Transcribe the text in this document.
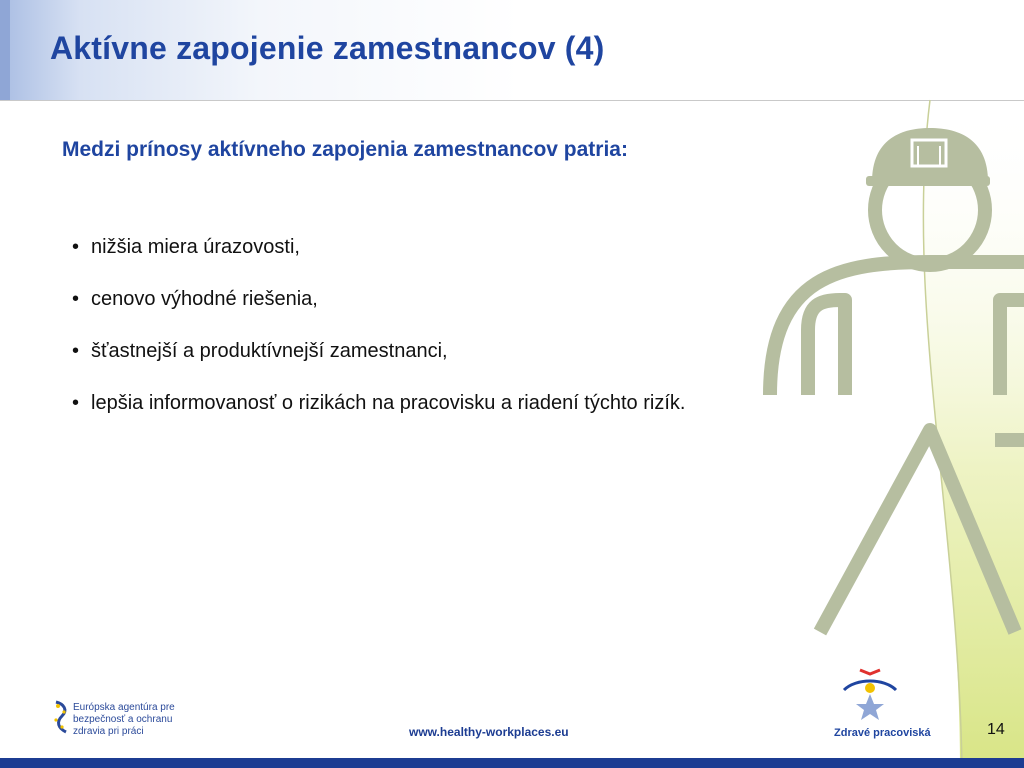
Aktívne zapojenie zamestnancov (4)

Medzi prínosy aktívneho zapojenia zamestnancov patria:

• nižšia miera úrazovosti,
• cenovo výhodné riešenia,
• šťastnejší a produktívnejší zamestnanci,
• lepšia informovanosť o rizikách na pracovisku a riadení týchto rizík.
Európska agentúra pre
bezpečnosť a ochranu
zdravia pri práci	www.healthy-workplaces.eu	Zdravé pracoviská	14
